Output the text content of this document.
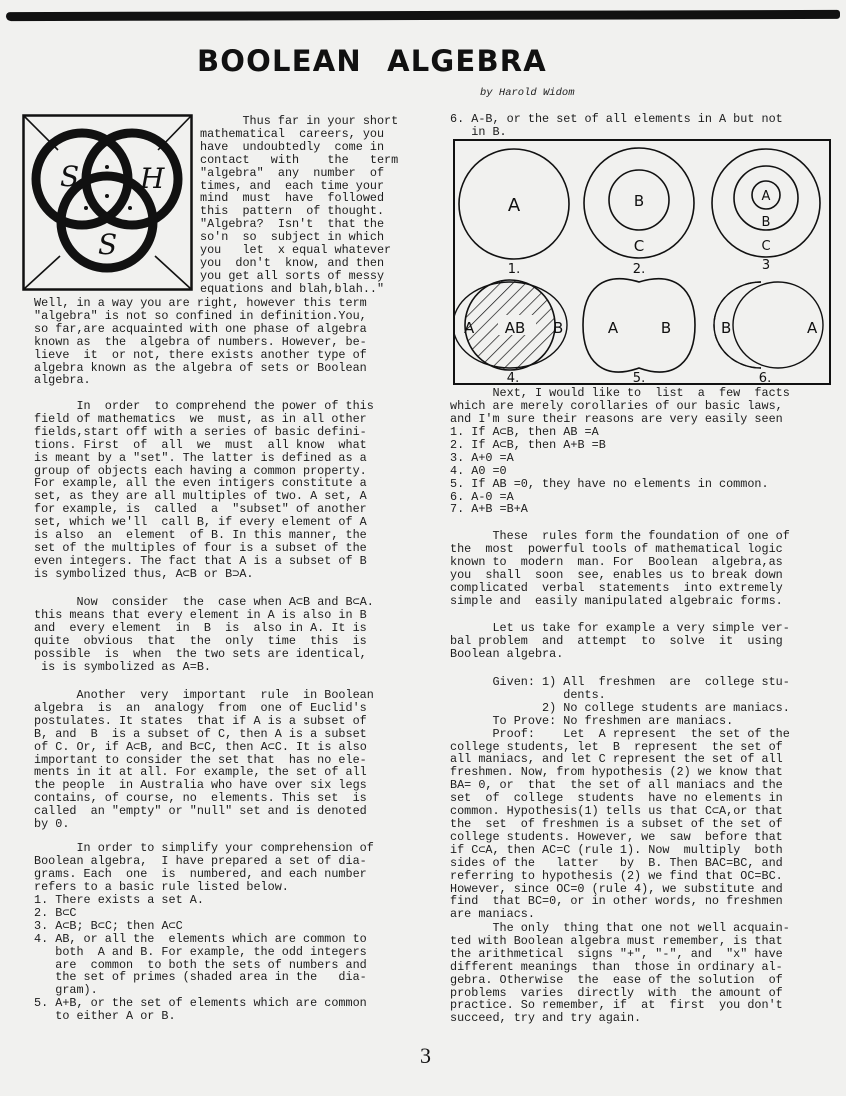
BOOLEAN ALGEBRA
by Harold Widom
S H
S
Thus far in your short
mathematical  careers, you
have  undoubtedly  come in
contact   with    the   term
"algebra"  any  number  of
times, and  each time your
mind  must  have  followed
this  pattern  of thought.
"Algebra?  Isn't  that the
so'n  so  subject in which
you   let  x equal whatever
you  don't  know, and then
you get all sorts of messy
equations and blah,blah.."
Well, in a way you are right, however this term
"algebra" is not so confined in definition.You,
so far,are acquainted with one phase of algebra
known as  the  algebra of numbers. However, be-
lieve  it  or not, there exists another type of
algebra known as the algebra of sets or Boolean
algebra.
In  order  to comprehend the power of this
field of mathematics  we  must, as in all other
fields,start off with a series of basic defini-
tions. First  of  all  we  must  all know  what
is meant by a "set". The latter is defined as a
group of objects each having a common property.
For example, all the even intigers constitute a
set, as they are all multiples of two. A set, A
for example, is  called  a  "subset" of another
set, which we'll  call B, if every element of A
is also  an  element  of B. In this manner, the
set of the multiples of four is a subset of the
even integers. The fact that A is a subset of B
is symbolized thus, A⊂B or B⊃A.
Now  consider  the  case when A⊂B and B⊂A.
this means that every element in A is also in B
and  every element  in  B  is  also in A. It is
quite  obvious  that  the  only  time  this  is
possible  is  when  the two sets are identical,
is is symbolized as A=B.
Another  very  important  rule  in Boolean
algebra  is  an  analogy  from  one of Euclid's
postulates. It states  that if A is a subset of
B, and  B  is a subset of C, then A is a subset
of C. Or, if A⊂B, and B⊂C, then A⊂C. It is also
important to consider the set that  has no ele-
ments in it at all. For example, the set of all
the people  in Australia who have over six legs
contains, of course, no  elements. This set  is
called  an "empty" or "null" set and is denoted
by 0.
In order to simplify your comprehension of
Boolean algebra,  I have prepared a set of dia-
grams. Each  one  is  numbered, and each number
refers to a basic rule listed below.
1. There exists a set A.
2. B⊂C
3. A⊂B; B⊂C; then A⊂C
4. AB, or all the  elements which are common to
both  A and B. For example, the odd integers
are  common  to both the sets of numbers and
the set of primes (shaded area in the   dia-
gram).
5. A+B, or the set of elements which are common
to either A or B.
6. A-B, or the set of all elements in A but not
in B.
A
1.
B
C
2.
A
B
C
3
A AB B
4.
A	B
5.
B	A
6.
Next, I would like to  list  a  few  facts
which are merely corollaries of our basic laws,
and I'm sure their reasons are very easily seen
1. If A⊂B, then AB =A
2. If A⊂B, then A+B =B
3. A+0 =A
4. A0 =0
5. If AB =0, they have no elements in common.
6. A-0 =A
7. A+B =B+A
These  rules form the foundation of one of
the  most  powerful tools of mathematical logic
known to  modern  man. For  Boolean  algebra,as
you  shall  soon  see, enables us to break down
complicated  verbal  statements  into extremely
simple and  easily manipulated algebraic forms.
Let us take for example a very simple ver-
bal problem  and  attempt  to  solve  it  using
Boolean algebra.
Given: 1) All  freshmen  are  college stu-
dents.
2) No college students are maniacs.
To Prove: No freshmen are maniacs.
Proof:    Let  A represent  the set of the
college students, let  B  represent  the set of
all maniacs, and let C represent the set of all
freshmen. Now, from hypothesis (2) we know that
BA= 0, or  that  the set of all maniacs and the
set  of  college  students  have no elements in
common. Hypothesis(1) tells us that C⊂A,or that
the  set  of freshmen is a subset of the set of
college students. However, we  saw  before that
if C⊂A, then AC=C (rule 1). Now  multiply  both
sides of the   latter   by  B. Then BAC=BC, and
referring to hypothesis (2) we find that OC=BC.
However, since OC=0 (rule 4), we substitute and
find  that BC=0, or in other words, no freshmen
are maniacs.
The only  thing that one not well acquain-
ted with Boolean algebra must remember, is that
the arithmetical  signs "+", "-", and  "x" have
different meanings  than  those in ordinary al-
gebra. Otherwise  the  ease of the solution  of
problems  varies  directly  with  the amount of
practice. So remember, if  at  first  you don't
succeed, try and try again.
3
